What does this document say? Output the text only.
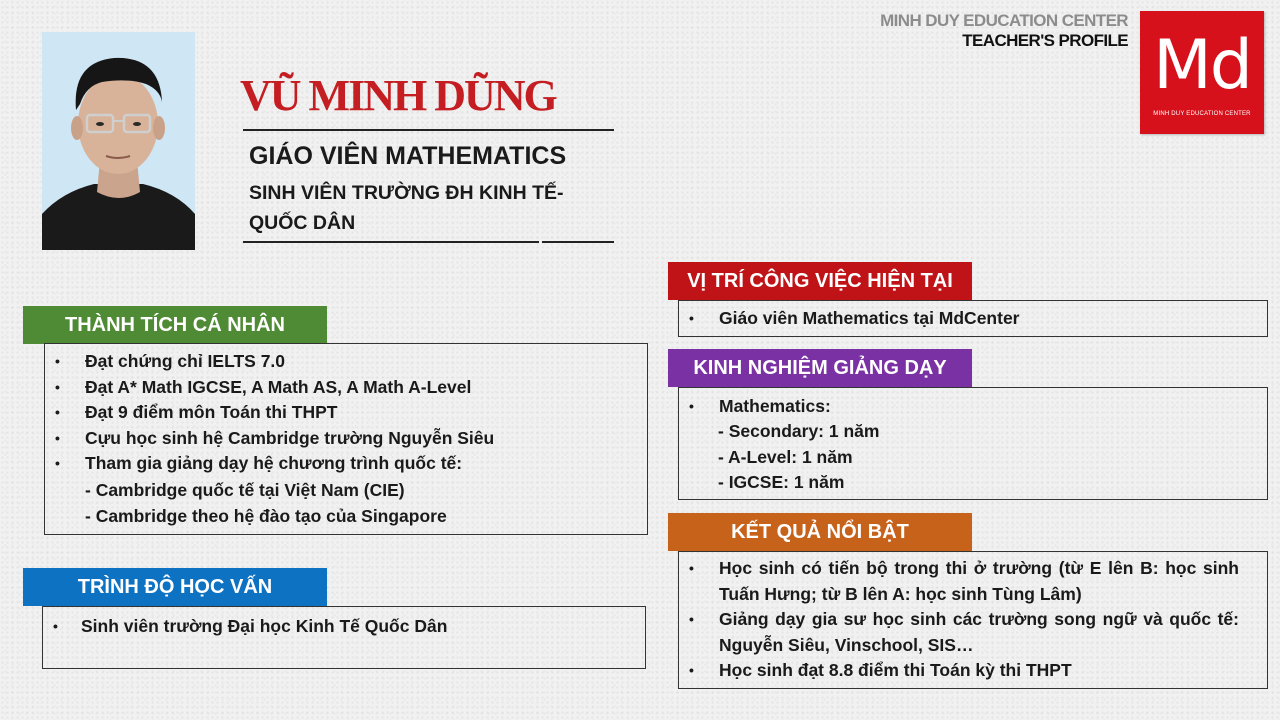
VŨ MINH DŨNG
GIÁO VIÊN MATHEMATICS
SINH VIÊN TRƯỜNG ĐH KINH TẾ- QUỐC DÂN
MINH DUY EDUCATION CENTER
TEACHER'S PROFILE Md
MINH DUY EDUCATION CENTER
THÀNH TÍCH CÁ NHÂN
• Đạt chứng chỉ IELTS 7.0
• Đạt A* Math IGCSE, A Math AS, A Math A-Level
• Đạt 9 điểm môn Toán thi THPT
• Cựu học sinh hệ Cambridge trường Nguyễn Siêu
• Tham gia giảng dạy hệ chương trình quốc tế:
- Cambridge quốc tế tại Việt Nam (CIE)
- Cambridge theo hệ đào tạo của Singapore
TRÌNH ĐỘ HỌC VẤN
• Sinh viên trường Đại học Kinh Tế Quốc Dân
VỊ TRÍ CÔNG VIỆC HIỆN TẠI
• Giáo viên Mathematics tại MdCenter
KINH NGHIỆM GIẢNG DẠY
• Mathematics:
- Secondary: 1 năm
- A-Level: 1 năm
- IGCSE: 1 năm
KẾT QUẢ NỔI BẬT
• Học sinh có tiến bộ trong thi ở trường (từ E lên B: học sinh Tuấn Hưng; từ B lên A: học sinh Tùng Lâm)
• Giảng dạy gia sư học sinh các trường song ngữ và quốc tế: Nguyễn Siêu, Vinschool, SIS…
• Học sinh đạt 8.8 điểm thi Toán kỳ thi THPT
